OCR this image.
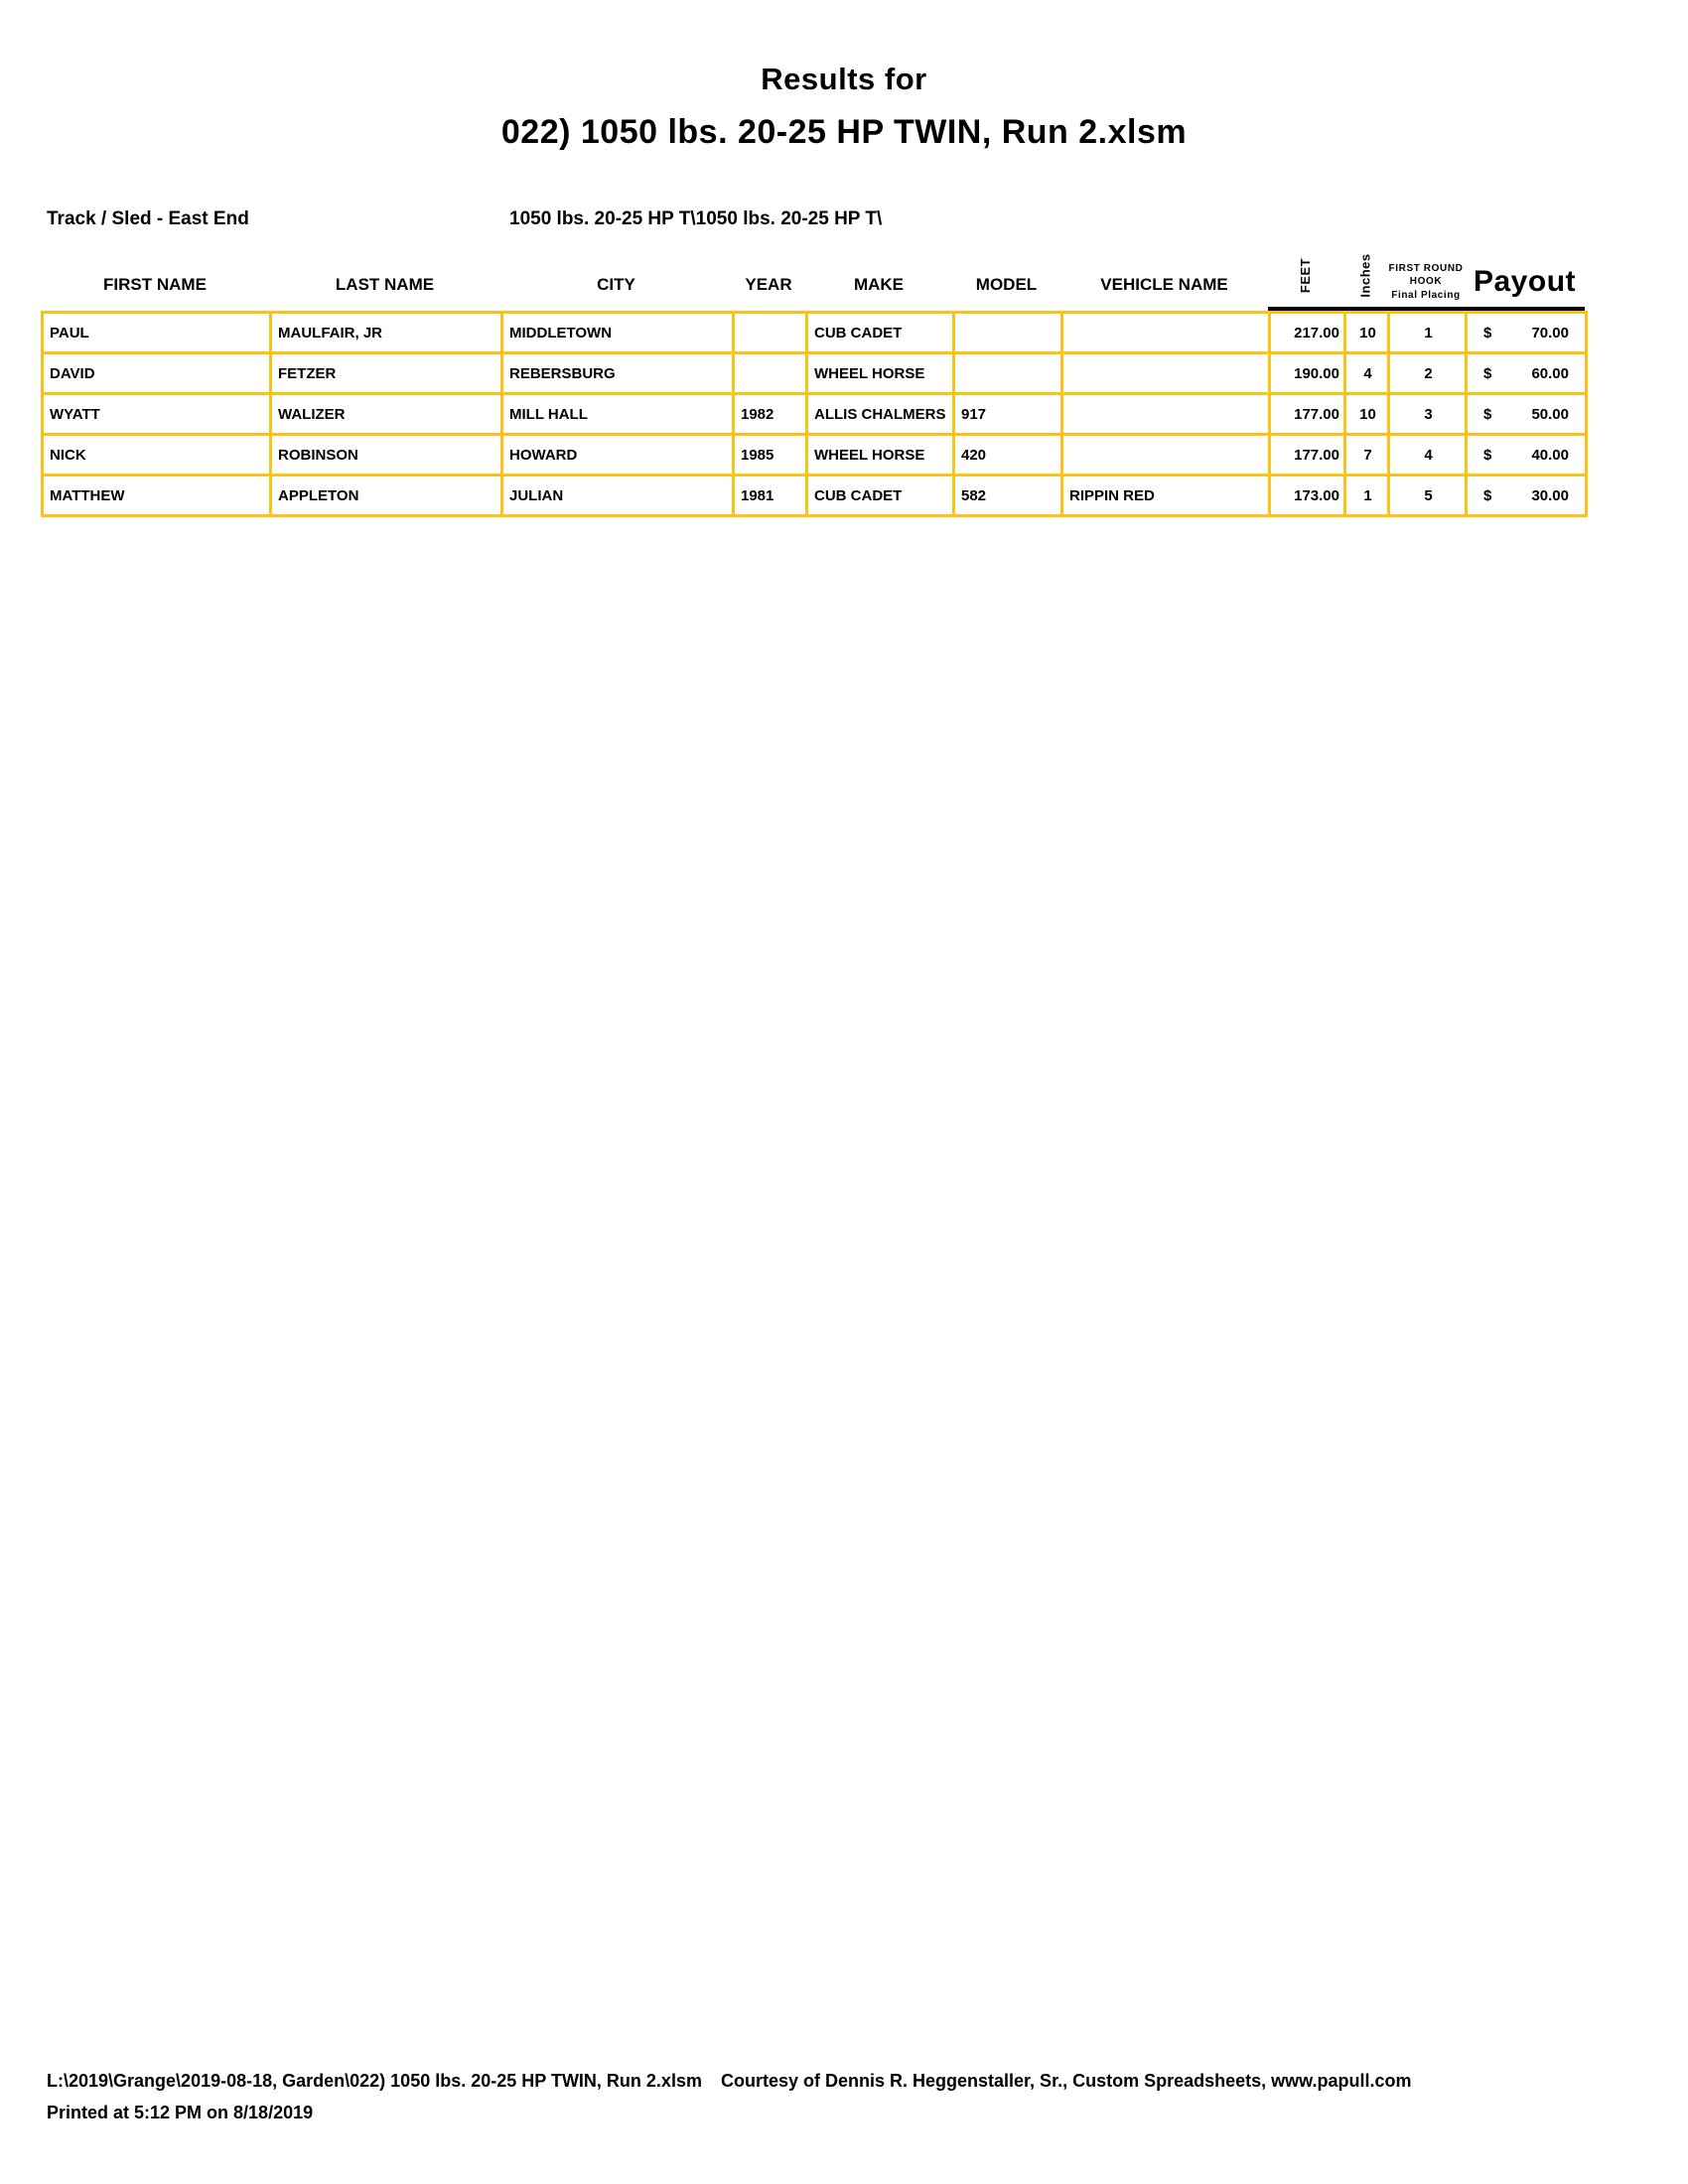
Results for
022) 1050 lbs. 20-25 HP TWIN, Run 2.xlsm
Track / Sled - East End	1050 lbs. 20-25 HP T\1050 lbs. 20-25 HP T\
FIRST NAME	LAST NAME	CITY	YEAR	MAKE	MODEL	VEHICLE NAME	FEET	Inches FIRST ROUND
HOOK
Final Placing Payout
PAUL	MAULFAIR, JR	MIDDLETOWN		CUB CADET			217.00	10	1	$ 70.00

DAVID	FETZER	REBERSBURG		WHEEL HORSE			190.00	4	2	$ 60.00

WYATT	WALIZER	MILL HALL	1982	ALLIS CHALMERS	917		177.00	10	3	$ 50.00

NICK	ROBINSON	HOWARD	1985	WHEEL HORSE	420		177.00	7	4	$ 40.00

MATTHEW	APPLETON	JULIAN	1981	CUB CADET	582	RIPPIN RED	173.00	1	5	$ 30.00
L:\2019\Grange\2019-08-18, Garden\022) 1050 lbs. 20-25 HP TWIN, Run 2.xlsm Courtesy of Dennis R. Heggenstaller, Sr., Custom Spreadsheets, www.papull.com
Printed at 5:12 PM on 8/18/2019
